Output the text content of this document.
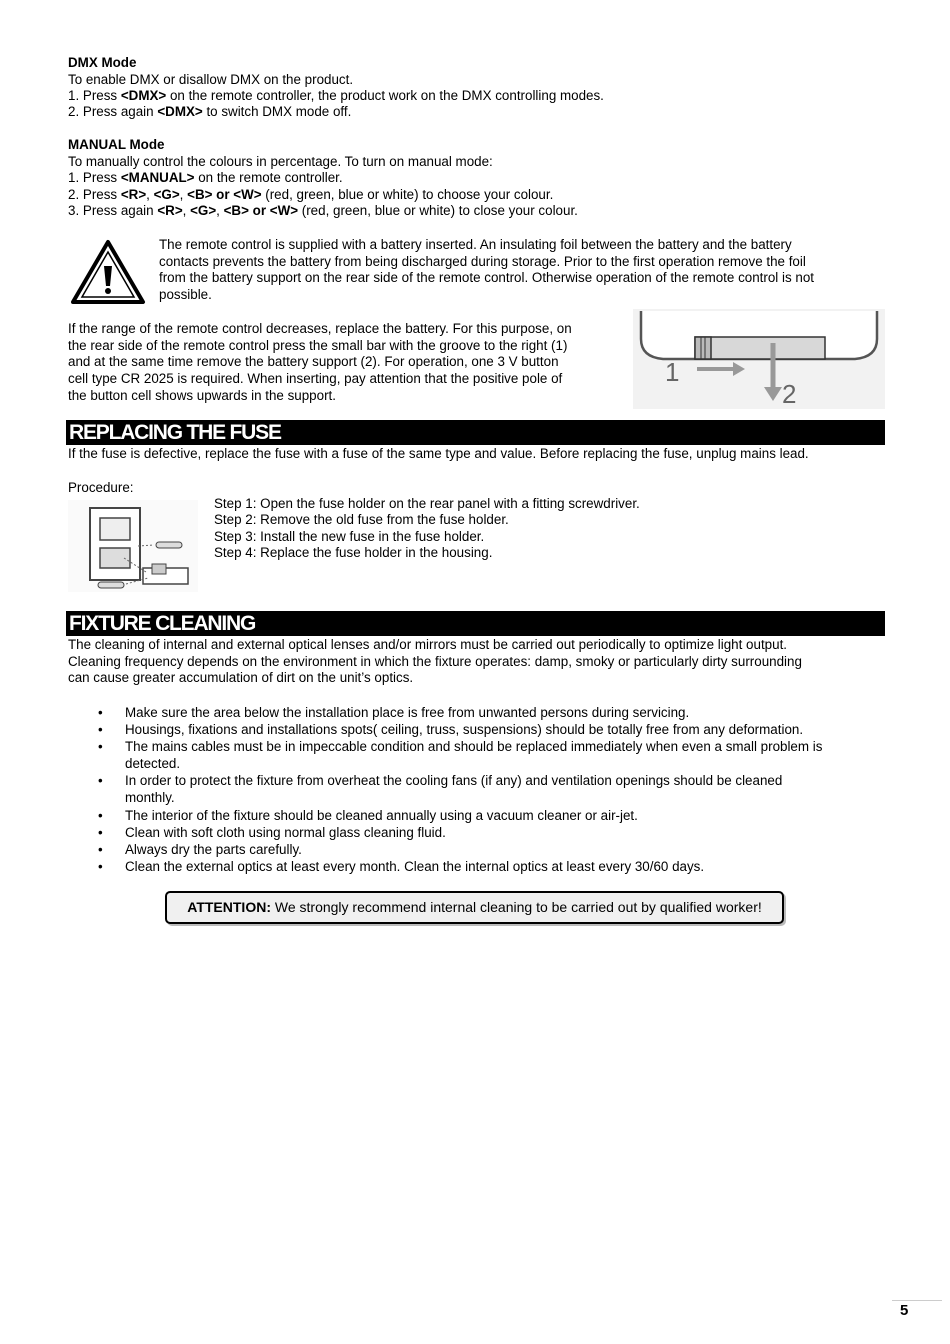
DMX Mode
To enable DMX or disallow DMX on the product.
1. Press <DMX> on the remote controller, the product work on the DMX controlling modes.
2. Press again <DMX> to switch DMX mode off.
MANUAL Mode
To manually control the colours in percentage. To turn on manual mode:
1. Press <MANUAL> on the remote controller.
2. Press <R>, <G>, <B> or <W> (red, green, blue or white) to choose your colour.
3. Press again <R>, <G>, <B> or <W> (red, green, blue or white) to close your colour.
The remote control is supplied with a battery inserted. An insulating foil between the battery and the battery
contacts prevents the battery from being discharged during storage. Prior to the first operation remove the foil
from the battery support on the rear side of the remote control. Otherwise operation of the remote control is not
possible.
If the range of the remote control decreases, replace the battery. For this purpose, on
the rear side of the remote control press the small bar with the groove to the right (1)
and at the same time remove the battery support (2). For operation, one 3 V button
cell type CR 2025 is required. When inserting, pay attention that the positive pole of
the button cell shows upwards in the support.
1
2
REPLACING THE FUSE
If the fuse is defective, replace the fuse with a fuse of the same type and value. Before replacing the fuse, unplug mains lead.
Procedure:
Step 1: Open the fuse holder on the rear panel with a fitting screwdriver.
Step 2: Remove the old fuse from the fuse holder.
Step 3: Install the new fuse in the fuse holder.
Step 4: Replace the fuse holder in the housing.
FIXTURE CLEANING
The cleaning of internal and external optical lenses and/or mirrors must be carried out periodically to optimize light output.
Cleaning frequency depends on the environment in which the fixture operates: damp, smoky or particularly dirty surrounding
can cause greater accumulation of dirt on the unit’s optics.
• Make sure the area below the installation place is free from unwanted persons during servicing.
• Housings, fixations and installations spots( ceiling, truss, suspensions) should be totally free from any deformation.
• The mains cables must be in impeccable condition and should be replaced immediately when even a small problem is
detected.
• In order to protect the fixture from overheat the cooling fans (if any) and ventilation openings should be cleaned
monthly.
• The interior of the fixture should be cleaned annually using a vacuum cleaner or air-jet.
• Clean with soft cloth using normal glass cleaning fluid.
• Always dry the parts carefully.
• Clean the external optics at least every month. Clean the internal optics at least every 30/60 days.
ATTENTION: We strongly recommend internal cleaning to be carried out by qualified worker!
5
